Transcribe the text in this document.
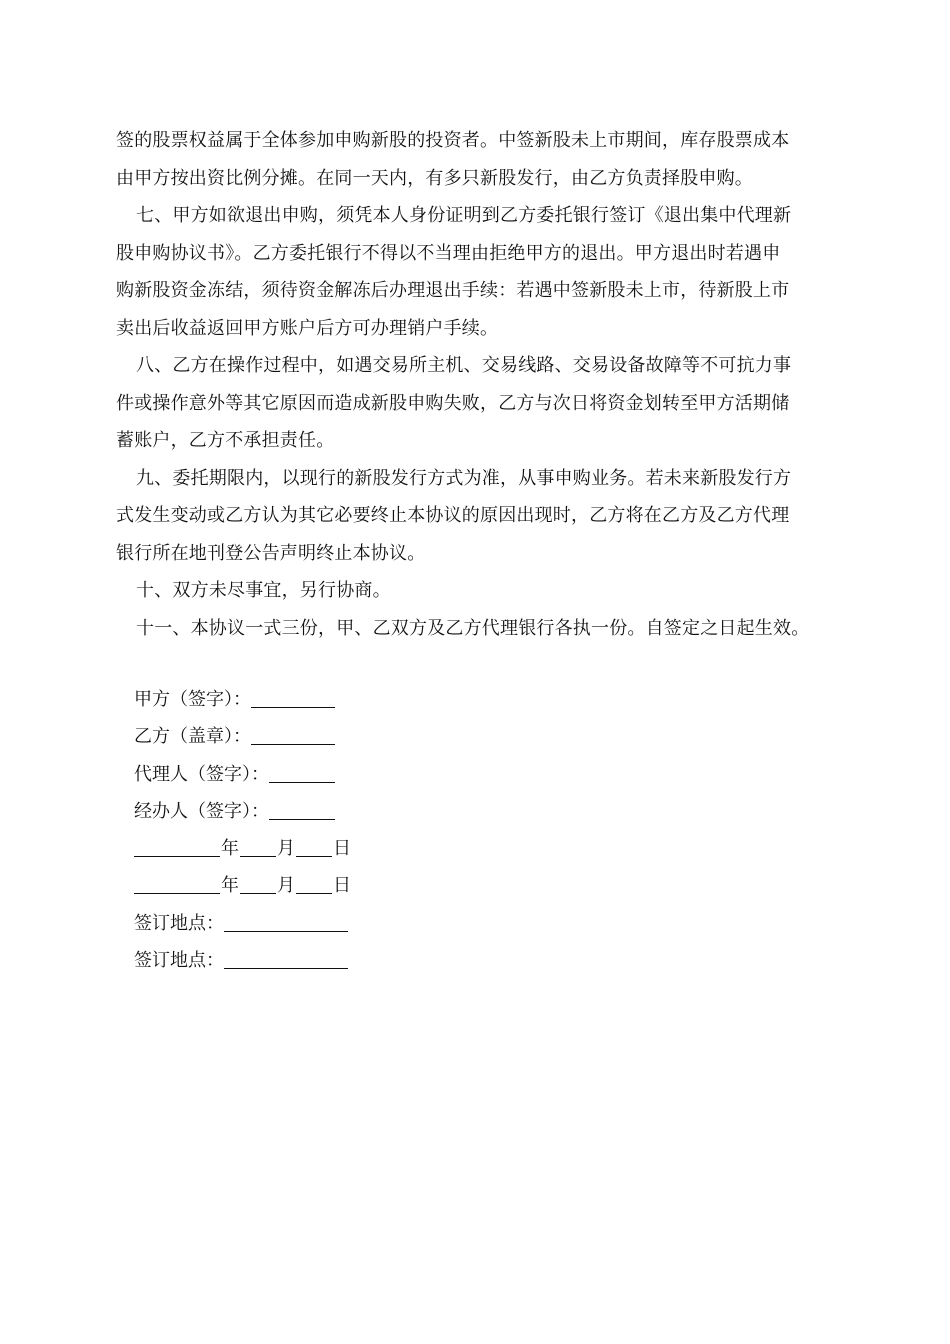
签的股票权益属于全体参加申购新股的投资者。中签新股未上市期间，库存股票成本
由甲方按出资比例分摊。在同一天内，有多只新股发行，由乙方负责择股申购。

七、甲方如欲退出申购，须凭本人身份证明到乙方委托银行签订《退出集中代理新
股申购协议书》。乙方委托银行不得以不当理由拒绝甲方的退出。甲方退出时若遇申
购新股资金冻结，须待资金解冻后办理退出手续：若遇中签新股未上市，待新股上市
卖出后收益返回甲方账户后方可办理销户手续。

八、乙方在操作过程中，如遇交易所主机、交易线路、交易设备故障等不可抗力事
件或操作意外等其它原因而造成新股申购失败，乙方与次日将资金划转至甲方活期储
蓄账户，乙方不承担责任。

九、委托期限内，以现行的新股发行方式为准，从事申购业务。若未来新股发行方
式发生变动或乙方认为其它必要终止本协议的原因出现时，乙方将在乙方及乙方代理
银行所在地刊登公告声明终止本协议。

十、双方未尽事宜，另行协商。

十一、本协议一式三份，甲、乙双方及乙方代理银行各执一份。自签定之日起生效。

甲方（签字）：
乙方（盖章）：
代理人（签字）：
经办人（签字）：
年 月 日
年 月 日
签订地点：
签订地点：
